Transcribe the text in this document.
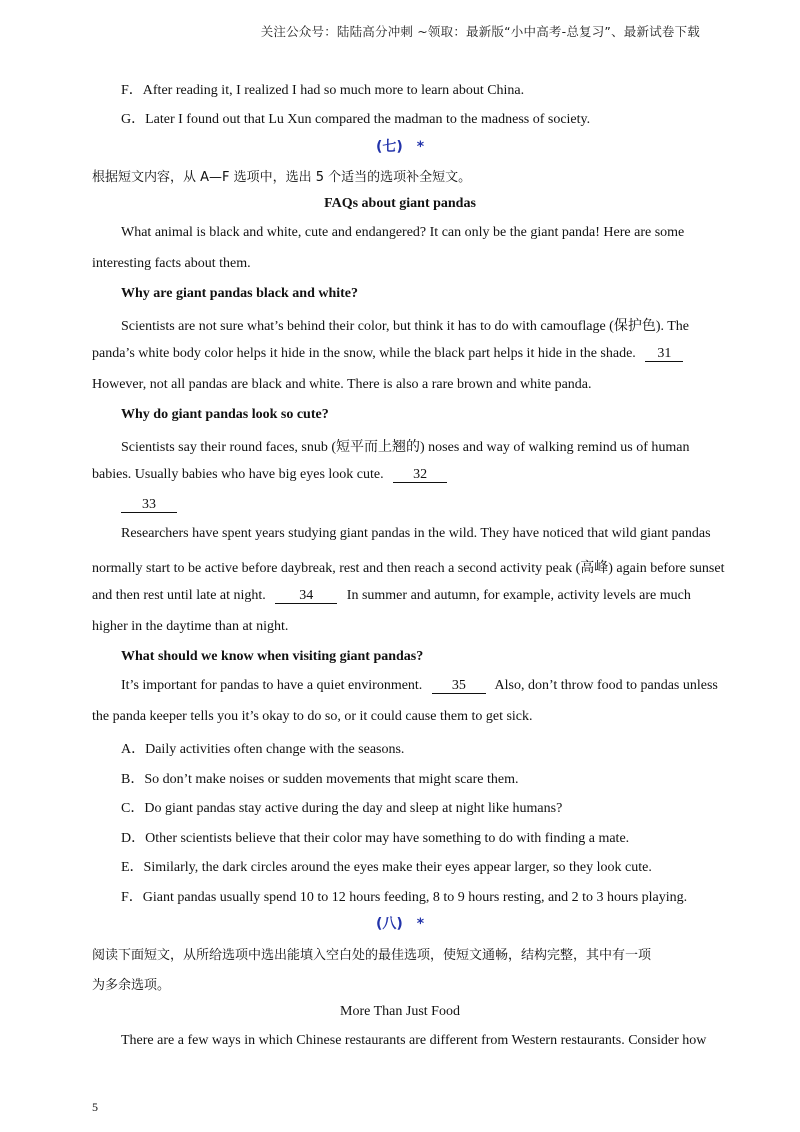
关注公众号：陆陆高分冲刺 ~领取：最新版“小中高考-总复习”、最新试卷下载
F．After reading it, I realized I had so much more to learn about China.
G．Later I found out that Lu Xun compared the madman to the madness of society.
(七) *
根据短文内容，从 A—F 选项中，选出 5 个适当的选项补全短文。
FAQs about giant pandas
What animal is black and white, cute and endangered? It can only be the giant panda! Here are some
interesting facts about them.
Why are giant pandas black and white?
Scientists are not sure what’s behind their color, but think it has to do with camouflage (保护色). The
panda’s white body color helps it hide in the snow, while the black part helps it hide in the shade. 31
However, not all pandas are black and white. There is also a rare brown and white panda.
Why do giant pandas look so cute?
Scientists say their round faces, snub (短平而上翘的) noses and way of walking remind us of human
babies. Usually babies who have big eyes look cute. 32
33
Researchers have spent years studying giant pandas in the wild. They have noticed that wild giant pandas
normally start to be active before daybreak, rest and then reach a second activity peak (高峰) again before sunset
and then rest until late at night. 34 In summer and autumn, for example, activity levels are much
higher in the daytime than at night.
What should we know when visiting giant pandas?
It’s important for pandas to have a quiet environment. 35 Also, don’t throw food to pandas unless
the panda keeper tells you it’s okay to do so, or it could cause them to get sick.
A．Daily activities often change with the seasons.
B．So don’t make noises or sudden movements that might scare them.
C．Do giant pandas stay active during the day and sleep at night like humans?
D．Other scientists believe that their color may have something to do with finding a mate.
E．Similarly, the dark circles around the eyes make their eyes appear larger, so they look cute.
F．Giant pandas usually spend 10 to 12 hours feeding, 8 to 9 hours resting, and 2 to 3 hours playing.
(八) *
阅读下面短文，从所给选项中选出能填入空白处的最佳选项，使短文通畅，结构完整，其中有一项
为多余选项。
More Than Just Food
There are a few ways in which Chinese restaurants are different from Western restaurants. Consider how
5
